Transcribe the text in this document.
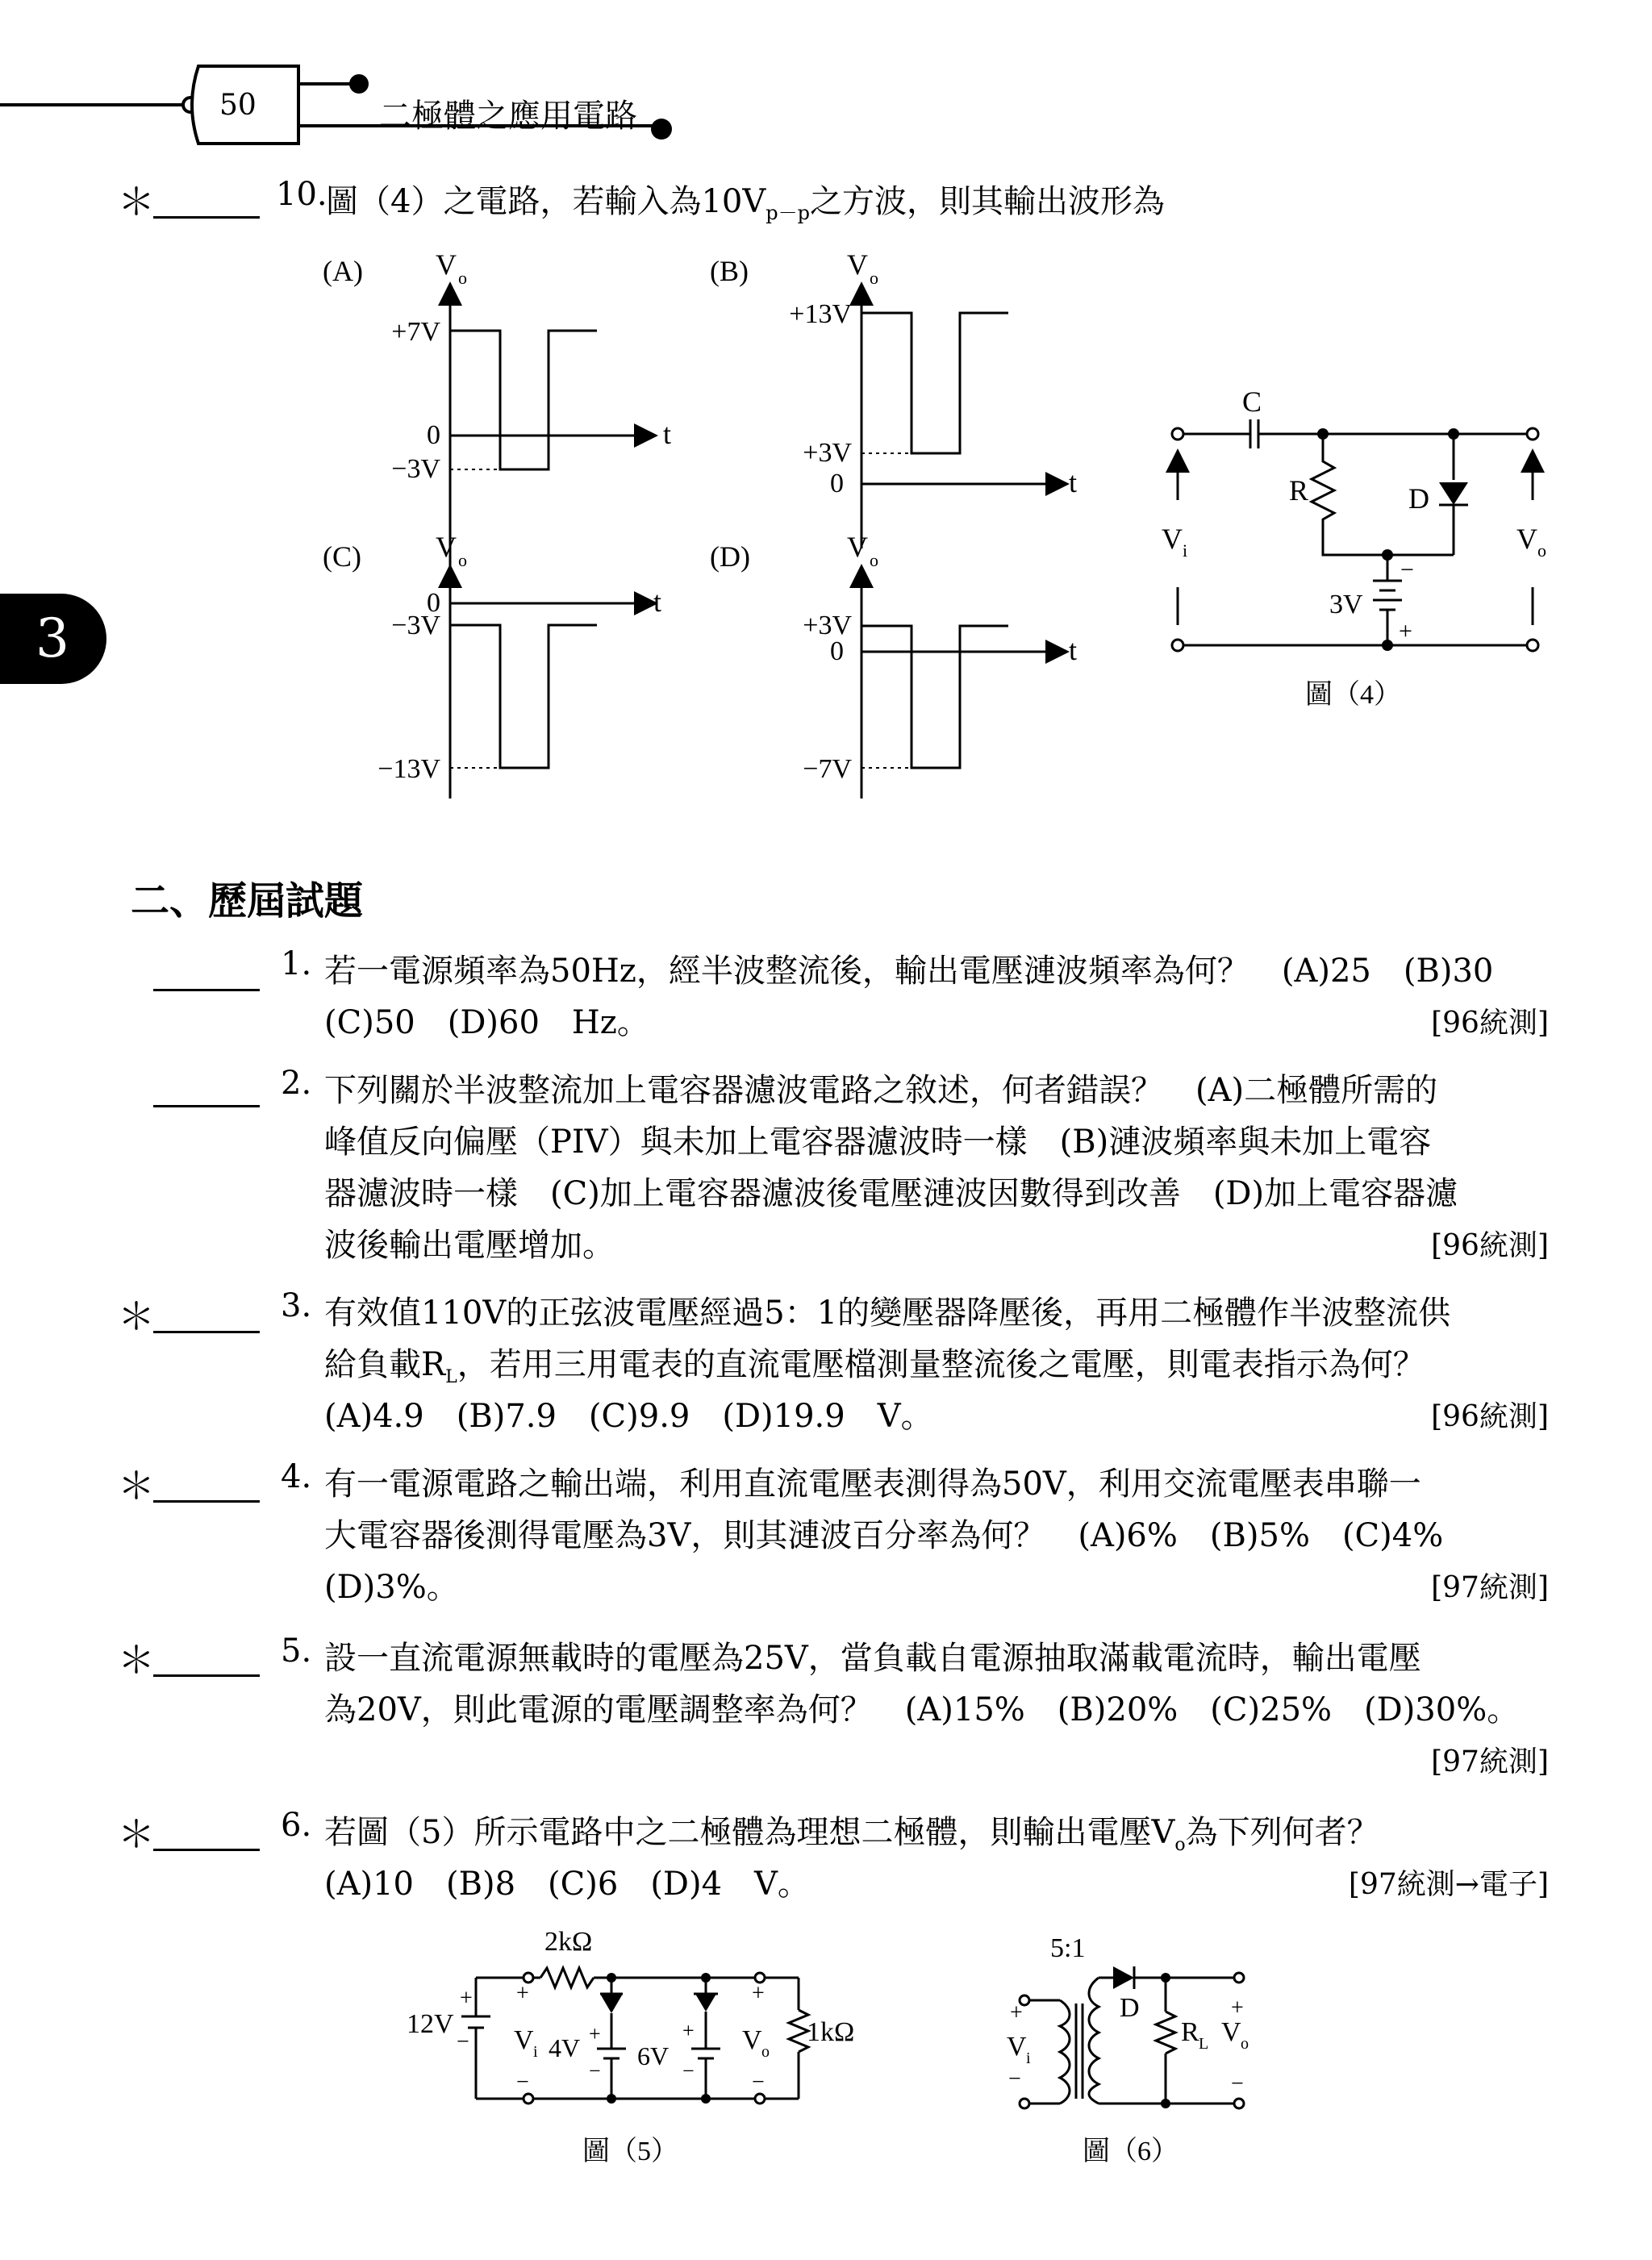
50	二極體之應用電路
3
＊	10.
圖（4）之電路，若輸入為$10V_{p-p}$之方波，則其輸出波形為
(A)	V o
t
+7V
0
−3V
(B)	V o
t
+13V
+3V
0
(C)	V o
t
0
−3V
−13V
(D)	V o
t
+3V
0
−7V
C
R	D
−
+
3V
V i	V o
圖（4）
二、歷屆試題
1. 若一電源頻率為50Hz，經半波整流後，輸出電壓漣波頻率為何？　(A)25　(B)30
(C)50　(D)60　Hz。	[96統測]
2. 下列關於半波整流加上電容器濾波電路之敘述，何者錯誤？　(A)二極體所需的
峰值反向偏壓（PIV）與未加上電容器濾波時一樣　(B)漣波頻率與未加上電容
器濾波時一樣　(C)加上電容器濾波後電壓漣波因數得到改善　(D)加上電容器濾
波後輸出電壓增加。	[96統測]
＊	3. 有效值110V的正弦波電壓經過5：1的變壓器降壓後，再用二極體作半波整流供
給負載$R_L$，若用三用電表的直流電壓檔測量整流後之電壓，則電表指示為何？
(A)4.9　(B)7.9　(C)9.9　(D)19.9　V。	[96統測]
＊	4. 有一電源電路之輸出端，利用直流電壓表測得為50V，利用交流電壓表串聯一
大電容器後測得電壓為3V，則其漣波百分率為何？　(A)6%　(B)5%　(C)4%
(D)3%。	[97統測]
＊	5. 設一直流電源無載時的電壓為25V，當負載自電源抽取滿載電流時，輸出電壓
為20V，則此電源的電壓調整率為何？　(A)15%　(B)20%　(C)25%　(D)30%。
[97統測]
＊	6. 若圖（5）所示電路中之二極體為理想二極體，則輸出電壓$V_o$為下列何者？
(A)10　(B)8　(C)6　(D)4　V。	[97統測→電子]
2kΩ
+
−
12V
+
−
V i
+
−
4V
+
−
6V
+
−
V o
1kΩ
圖（5）
+
−
V i
5:1
D
R L
+
−
V o
圖（6）
